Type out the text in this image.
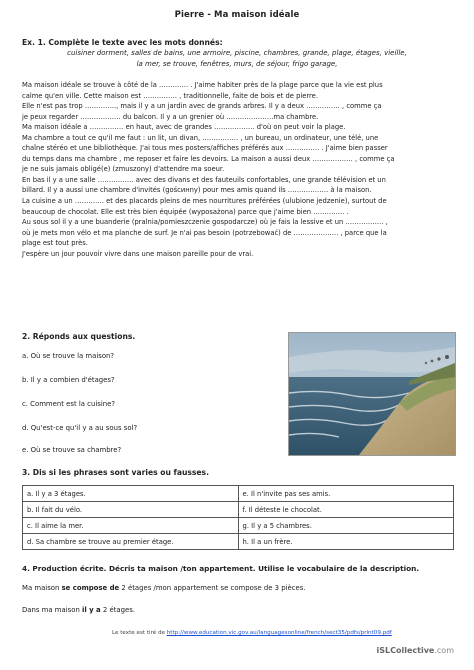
Pierre - Ma maison idéale
Ex. 1. Complète le texte avec les mots donnés:
cuisiner dorment, salles de bains, une armoire, piscine, chambres, grande, plage, étages, vieille,
la mer, se trouve, fenêtres, murs, de séjour, frigo garage,
Ma maison idéale se trouve à côté de la …………. . J'aime habiter près de la plage parce que la vie est plus
calme qu'en ville. Cette maison est …………… , traditionnelle, faite de bois et de pierre.
Elle n'est pas trop ………….., mais il y a un jardin avec de grands arbres. Il y a deux …………… , comme ça
je peux regarder ……………… du balcon. Il y a un grenier où …………………ma chambre.
Ma maison idéale a …………… en haut, avec de grandes ……………… d'où on peut voir la plage.
Ma chambre a tout ce qu'il me faut : un lit, un divan, ……………. , un bureau, un ordinateur, une télé, une
chaîne stéréo et une bibliothèque. J'ai tous mes posters/affiches préférés aux …………… . J'aime bien passer
du temps dans ma chambre , me reposer et faire les devoirs. La maison a aussi deux ……………… , comme ça
je ne suis jamais obligé(e) (zmuszony) d'attendre ma soeur.
En bas il y a une salle ……………. avec des divans et des fauteuils confortables, une grande télévision et un
billard. Il y a aussi une chambre d'invités (goścинny) pour mes amis quand ils ……………… à la maison.
La cuisine a un …………. et des placards pleins de mes nourritures préférées (ulubione jedzenie), surtout de
beaucoup de chocolat. Elle est très bien équipée (wyposażona) parce que j'aime bien ………….. .
Au sous sol il y a une buanderie (pralnia/pomieszczenie gospodarcze) où je fais la lessive et un …………….. ,
où je mets mon vélo et ma planche de surf. Je n'ai pas besoin (potrzebować) de ……………….. , parce que la
plage est tout près.
J'espère un jour pouvoir vivre dans une maison pareille pour de vrai.
2. Réponds aux questions.
a. Où se trouve la maison?
b. Il y a combien d'étages?
c. Comment est la cuisine?
d. Qu'est-ce qu'il y a au sous sol?
e. Où se trouve sa chambre?
3. Dis si les phrases sont varies ou fausses.
a. Il y a 3 étages.	e. Il n'invite pas ses amis.
b. Il fait du vélo.	f. Il déteste le chocolat.
c. Il aime la mer.	g. Il y a 5 chambres.
d. Sa chambre se trouve au premier étage.	h. Il a un frère.
4. Production écrite. Décris ta maison /ton appartement. Utilise le vocabulaire de la description.
Ma maison se compose de 2 étages /mon appartement se compose de 3 pièces.
Dans ma maison il y a 2 étages.
Le texte est tiré de http://www.education.vic.gov.au/languagesonline/french/sect35/pdfs/print09.pdf
iSLCollective.com
